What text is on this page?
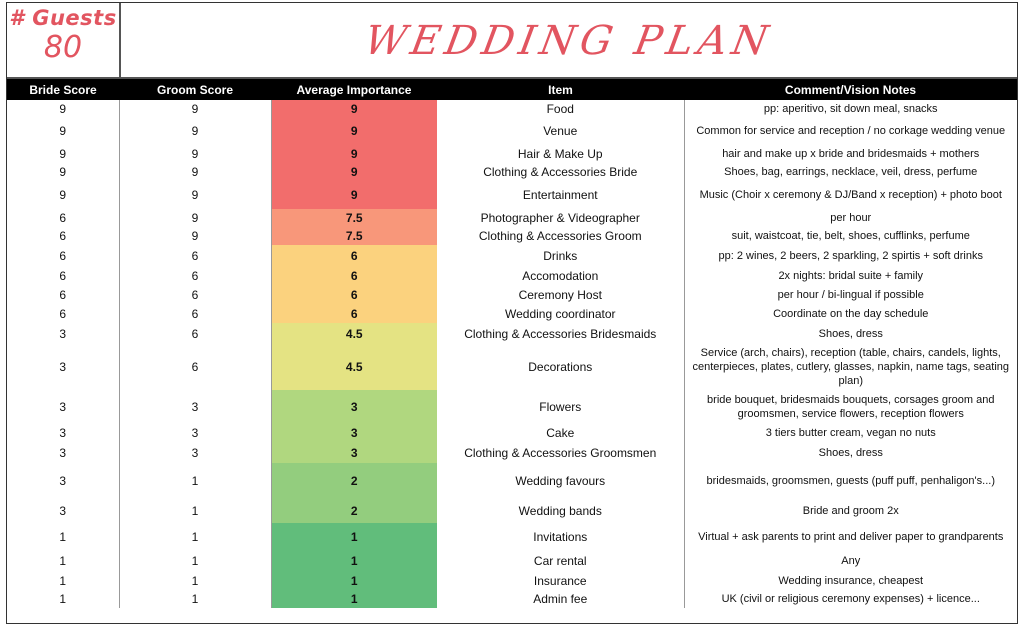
# Guests
80	WEDDING PLAN
Bride Score	Groom Score	Average Importance	Item	Comment/Vision Notes
9	9	9	Food	pp: aperitivo, sit down meal, snacks
9	9	9	Venue	Common for service and reception / no corkage wedding venue
9	9	9	Hair & Make Up	hair and make up x bride and bridesmaids + mothers
9	9	9	Clothing & Accessories Bride	Shoes, bag, earrings, necklace, veil, dress, perfume
9	9	9	Entertainment	Music (Choir x ceremony & DJ/Band x reception) + photo boot
6	9	7.5	Photographer & Videographer	per hour
6	9	7.5	Clothing & Accessories Groom	suit, waistcoat, tie, belt, shoes, cufflinks, perfume
6	6	6	Drinks	pp: 2 wines, 2 beers, 2 sparkling, 2 spirtis + soft drinks
6	6	6	Accomodation	2x nights: bridal suite + family
6	6	6	Ceremony Host	per hour / bi-lingual if possible
6	6	6	Wedding coordinator	Coordinate on the day schedule
3	6	4.5	Clothing & Accessories Bridesmaids	Shoes, dress
3	6	4.5	Decorations	Service (arch, chairs), reception (table, chairs, candels, lights, centerpieces, plates, cutlery, glasses, napkin, name tags, seating plan)
3	3	3	Flowers	bride bouquet, bridesmaids bouquets, corsages groom and groomsmen, service flowers, reception flowers
3	3	3	Cake	3 tiers butter cream, vegan no nuts
3	3	3	Clothing & Accessories Groomsmen	Shoes, dress
3	1	2	Wedding favours	bridesmaids, groomsmen, guests (puff puff, penhaligon's...)
3	1	2	Wedding bands	Bride and groom 2x
1	1	1	Invitations	Virtual + ask parents to print and deliver paper to grandparents
1	1	1	Car rental	Any
1	1	1	Insurance	Wedding insurance, cheapest
1	1	1	Admin fee	UK (civil or religious ceremony expenses) + licence...
